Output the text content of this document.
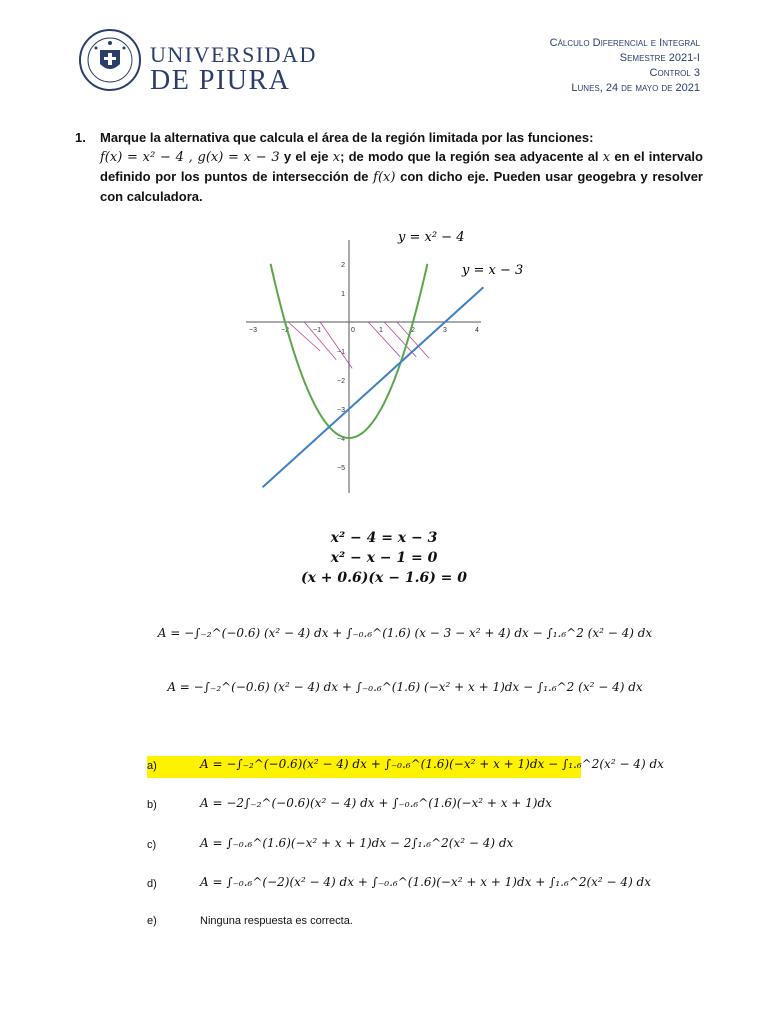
UNIVERSIDAD
DE PIURA
Cálculo Diferencial e Integral
Semestre 2021-I
Control 3
Lunes, 24 de mayo de 2021
1. Marque la alternativa que calcula el área de la región limitada por las funciones:
f(x) = x² − 4 , g(x) = x − 3 y el eje x; de modo que la región sea adyacente al x en el intervalo definido por los puntos de intersección de f(x) con dicho eje. Pueden usar geogebra y resolver con calculadora.
−3	−2	−1	0	1	2	3	4
2
1
−1
−2
−3
−4
−5
y = x² − 4
y = x − 3
x² − 4 = x − 3
x² − x − 1 = 0
(x + 0.6)(x − 1.6) = 0
A = −∫₋₂^(−0.6) (x² − 4) dx + ∫₋₀.₆^(1.6) (x − 3 − x² + 4) dx − ∫₁.₆^2 (x² − 4) dx
A = −∫₋₂^(−0.6) (x² − 4) dx + ∫₋₀.₆^(1.6) (−x² + x + 1)dx − ∫₁.₆^2 (x² − 4) dx
a)	A = −∫₋₂^(−0.6)(x² − 4) dx + ∫₋₀.₆^(1.6)(−x² + x + 1)dx − ∫₁.₆^2(x² − 4) dx
b)	A = −2∫₋₂^(−0.6)(x² − 4) dx + ∫₋₀.₆^(1.6)(−x² + x + 1)dx
c)	A = ∫₋₀.₆^(1.6)(−x² + x + 1)dx − 2∫₁.₆^2(x² − 4) dx
d)	A = ∫₋₀.₆^(−2)(x² − 4) dx + ∫₋₀.₆^(1.6)(−x² + x + 1)dx + ∫₁.₆^2(x² − 4) dx
e)	Ninguna respuesta es correcta.
